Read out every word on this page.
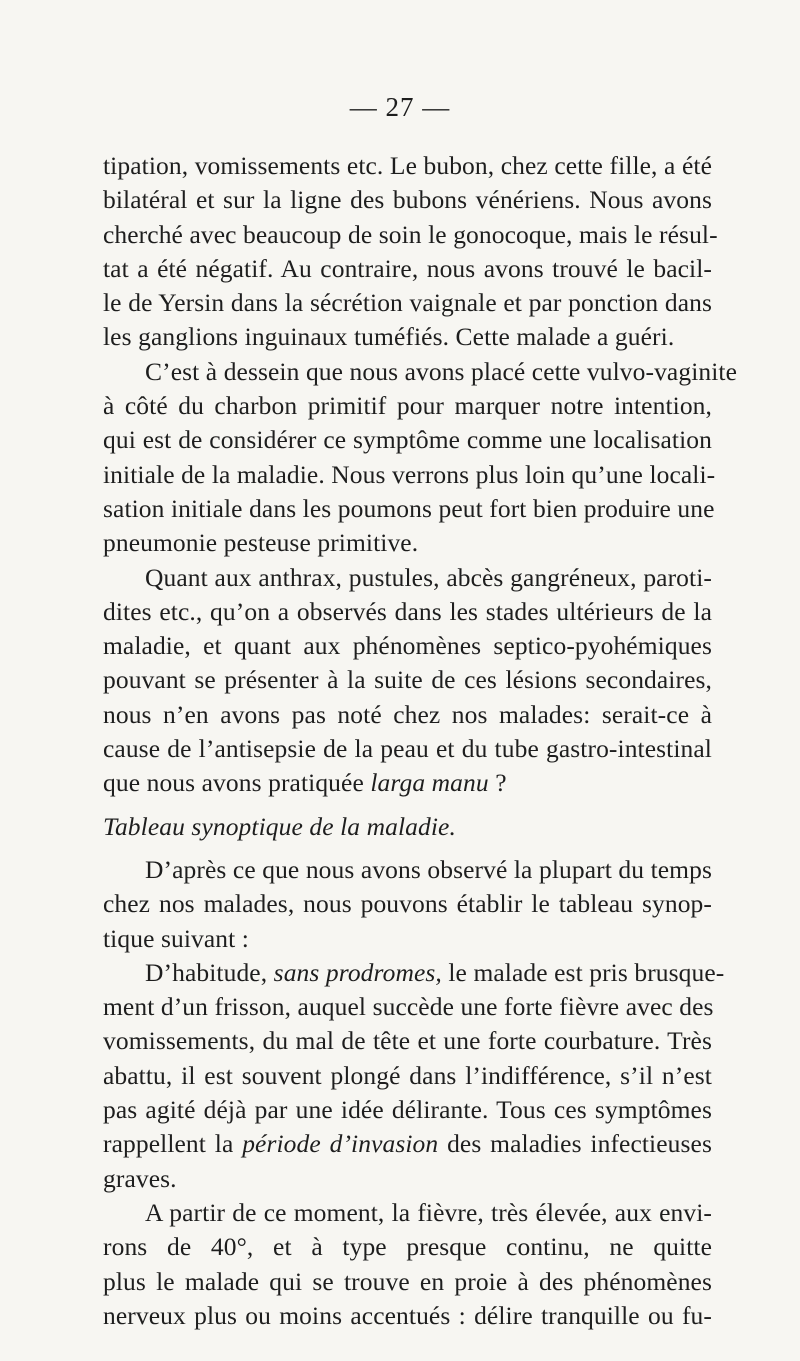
— 27 —
tipation, vomissements etc. Le bubon, chez cette fille, a été
bilatéral et sur la ligne des bubons vénériens. Nous avons
cherché avec beaucoup de soin le gonocoque, mais le résul-
tat a été négatif. Au contraire, nous avons trouvé le bacil-
le de Yersin dans la sécrétion vaignale et par ponction dans
les ganglions inguinaux tuméfiés. Cette malade a guéri.
C’est à dessein que nous avons placé cette vulvo-vaginite
à côté du charbon primitif pour marquer notre intention,
qui est de considérer ce symptôme comme une localisation
initiale de la maladie. Nous verrons plus loin qu’une locali-
sation initiale dans les poumons peut fort bien produire une
pneumonie pesteuse primitive.
Quant aux anthrax, pustules, abcès gangréneux, paroti-
dites etc., qu’on a observés dans les stades ultérieurs de la
maladie, et quant aux phénomènes septico-pyohémiques
pouvant se présenter à la suite de ces lésions secondaires,
nous n’en avons pas noté chez nos malades: serait-ce à
cause de l’antisepsie de la peau et du tube gastro-intestinal
que nous avons pratiquée larga manu ?
Tableau synoptique de la maladie.
D’après ce que nous avons observé la plupart du temps
chez nos malades, nous pouvons établir le tableau synop-
tique suivant :
D’habitude, sans prodromes, le malade est pris brusque-
ment d’un frisson, auquel succède une forte fièvre avec des
vomissements, du mal de tête et une forte courbature. Très
abattu, il est souvent plongé dans l’indifférence, s’il n’est
pas agité déjà par une idée délirante. Tous ces symptômes
rappellent la période d’invasion des maladies infectieuses
graves.
A partir de ce moment, la fièvre, très élevée, aux envi-
rons de 40°, et à type presque continu, ne quitte
plus le malade qui se trouve en proie à des phénomènes
nerveux plus ou moins accentués : délire tranquille ou fu-
